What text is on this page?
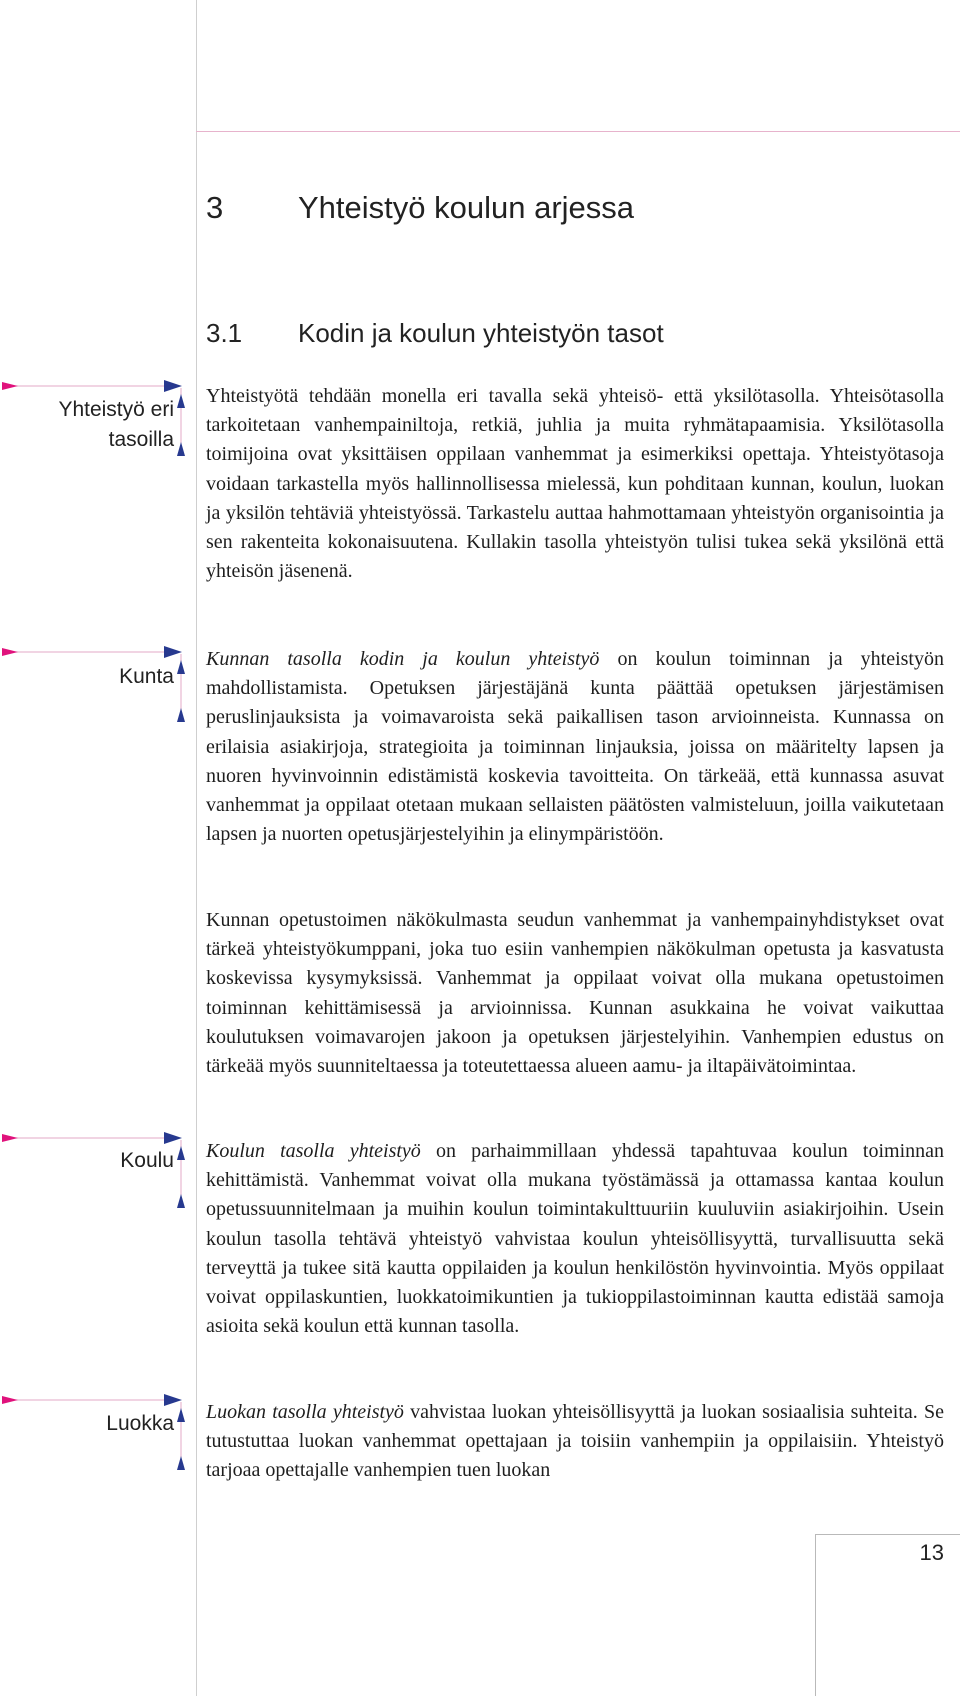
3 Yhteistyö koulun arjessa
3.1 Kodin ja koulun yhteistyön tasot
Yhteistyö eri tasoilla
Kunta
Koulu
Luokka

Yhteistyötä tehdään monella eri tavalla sekä yhteisö- että yksilötasolla. Yhteisötasolla tarkoitetaan vanhempainiltoja, retkiä, juhlia ja muita ryhmätapaamisia. Yksilötasolla toimijoina ovat yksittäisen oppilaan vanhemmat ja esimerkiksi opettaja. Yhteistyötasoja voidaan tarkastella myös hallinnollisessa mielessä, kun pohditaan kunnan, koulun, luokan ja yksilön tehtäviä yhteistyössä. Tarkastelu auttaa hahmottamaan yhteistyön organisointia ja sen rakenteita kokonaisuutena. Kullakin tasolla yhteistyön tulisi tukea sekä yksilönä että yhteisön jäsenenä.

Kunnan tasolla kodin ja koulun yhteistyö on koulun toiminnan ja yhteistyön mahdollistamista. Opetuksen järjestäjänä kunta päättää opetuksen järjestämisen peruslinjauksista ja voimavaroista sekä paikallisen tason arvioinneista. Kunnassa on erilaisia asiakirjoja, strategioita ja toiminnan linjauksia, joissa on määritelty lapsen ja nuoren hyvinvoinnin edistämistä koskevia tavoitteita. On tärkeää, että kunnassa asuvat vanhemmat ja oppilaat otetaan mukaan sellaisten päätösten valmisteluun, joilla vaikutetaan lapsen ja nuorten opetusjärjestelyihin ja elinympäristöön.

Kunnan opetustoimen näkökulmasta seudun vanhemmat ja vanhempainyhdistykset ovat tärkeä yhteistyökumppani, joka tuo esiin vanhempien näkökulman opetusta ja kasvatusta koskevissa kysymyksissä. Vanhemmat ja oppilaat voivat olla mukana opetustoimen toiminnan kehittämisessä ja arvioinnissa. Kunnan asukkaina he voivat vaikuttaa koulutuksen voimavarojen jakoon ja opetuksen järjestelyihin. Vanhempien edustus on tärkeää myös suunniteltaessa ja toteutettaessa alueen aamu- ja iltapäivätoimintaa.

Koulun tasolla yhteistyö on parhaimmillaan yhdessä tapahtuvaa koulun toiminnan kehittämistä. Vanhemmat voivat olla mukana työstämässä ja ottamassa kantaa koulun opetussuunnitelmaan ja muihin koulun toimintakulttuuriin kuuluviin asiakirjoihin. Usein koulun tasolla tehtävä yhteistyö vahvistaa koulun yhteisöllisyyttä, turvallisuutta sekä terveyttä ja tukee sitä kautta oppilaiden ja koulun henkilöstön hyvinvointia. Myös oppilaat voivat oppilaskuntien, luokkatoimikuntien ja tukioppilastoiminnan kautta edistää samoja asioita sekä koulun että kunnan tasolla.

Luokan tasolla yhteistyö vahvistaa luokan yhteisöllisyyttä ja luokan sosiaalisia suhteita. Se tutustuttaa luokan vanhemmat opettajaan ja toisiin vanhempiin ja oppilaisiin. Yhteistyö tarjoaa opettajalle vanhempien tuen luokan

13
